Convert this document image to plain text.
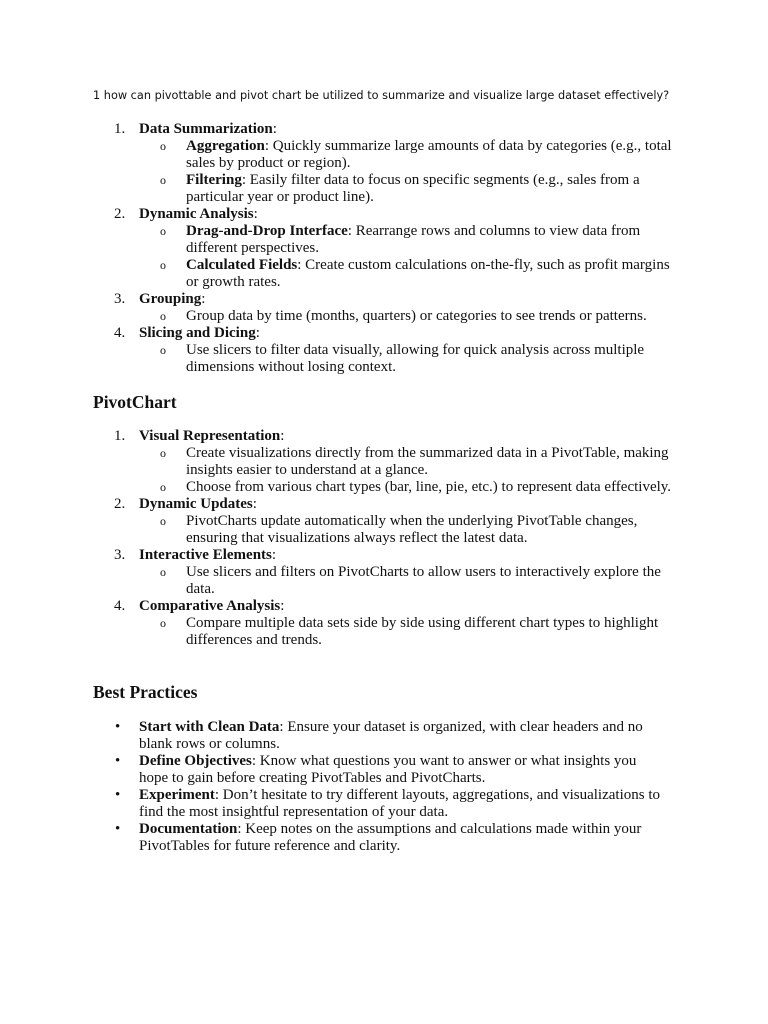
1 how can pivottable and pivot chart be utilized to summarize and visualize large dataset effectively?
1. Data Summarization:
o Aggregation: Quickly summarize large amounts of data by categories (e.g., total sales by product or region).
o Filtering: Easily filter data to focus on specific segments (e.g., sales from a particular year or product line).
2. Dynamic Analysis:
o Drag-and-Drop Interface: Rearrange rows and columns to view data from different perspectives.
o Calculated Fields: Create custom calculations on-the-fly, such as profit margins or growth rates.
3. Grouping:
o Group data by time (months, quarters) or categories to see trends or patterns.
4. Slicing and Dicing:
o Use slicers to filter data visually, allowing for quick analysis across multiple dimensions without losing context.
PivotChart
1. Visual Representation:
o Create visualizations directly from the summarized data in a PivotTable, making insights easier to understand at a glance.
o Choose from various chart types (bar, line, pie, etc.) to represent data effectively.
2. Dynamic Updates:
o PivotCharts update automatically when the underlying PivotTable changes, ensuring that visualizations always reflect the latest data.
3. Interactive Elements:
o Use slicers and filters on PivotCharts to allow users to interactively explore the data.
4. Comparative Analysis:
o Compare multiple data sets side by side using different chart types to highlight differences and trends.
Best Practices
• Start with Clean Data: Ensure your dataset is organized, with clear headers and no blank rows or columns.
• Define Objectives: Know what questions you want to answer or what insights you hope to gain before creating PivotTables and PivotCharts.
• Experiment: Don’t hesitate to try different layouts, aggregations, and visualizations to find the most insightful representation of your data.
• Documentation: Keep notes on the assumptions and calculations made within your PivotTables for future reference and clarity.
